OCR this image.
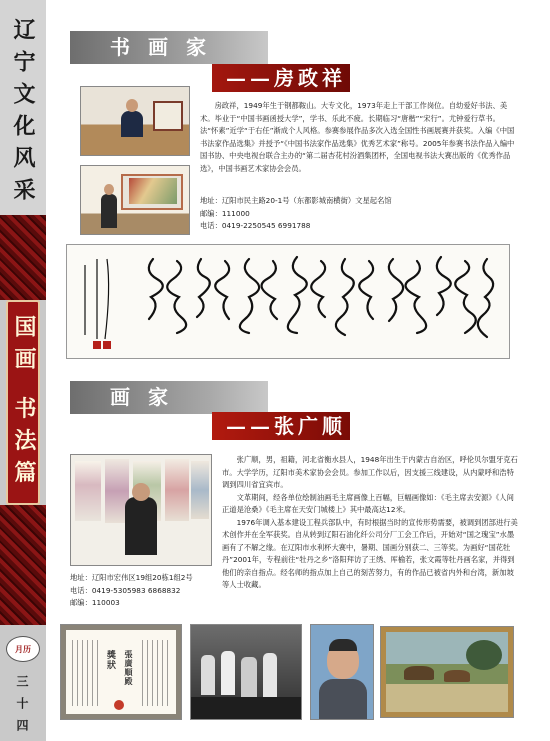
辽宁文化风采
国画 书法篇
月历
三十四
书画家
——房政祥

房政祥，1949年生于钢都鞍山。大专文化，1973年走上干部工作岗位。自幼爱好书法、美术。毕业于“中国书画函授大学”，学书、乐此不疲。长期临习“唐楷”“宋行”。尤钟爱行草书。法“怀素”近学“于右任”渐成个人风格。参赛参展作品多次入选全国性书画展赛并获奖。入编《中国书法家作品选集》并授予“《中国书法家作品选集》优秀艺术家”称号。2005年参赛书法作品入编中国书协、中央电视台联合主办的“第二届杏花村汾酒集团杯，全国电视书法大赛出版的《优秀作品选》，中国书画艺术家协会会员。

地址：辽阳市民主路20-1号（东都影城南横街）文星起名馆
邮编：111000
电话：0419-2250545 6991788
画家
——张广顺

张广顺，男，祖籍，河北省衡水县人，1948年出生于内蒙古自治区，呼伦贝尔盟牙克石市。大学学历，辽阳市美术家协会会员。参加工作以后，因支援三线建设，从内蒙呼和浩特调到四川省宜宾市。

文革期间，经各单位绘制油画毛主席画像上百幅，巨幅画像如：《毛主席去安源》《人间正道是沧桑》《毛主席在天安门城楼上》其中最高达12米。

1976年调入基本建设工程兵部队中，有时根据当时的宣传形势需要，被调到团部进行美术创作并在全军获奖。自从转到辽阳石油化纤公司分厂工会工作后，开始对“国之瑰宝”水墨画有了不解之缘。在辽阳市水利杯大赛中，暑期、国画分别获二、三等奖。为画好“国花牡丹”2001年，专程前往“牡丹之乡”洛阳拜访了王绣、厍榆若，张文霞等牡丹画名家，并得到他们的亲自指点。经名师的指点加上自己的刻苦努力，有的作品已被省内外和台湾，新加坡等人士收藏。

地址：辽阳市宏伟区19组20栋1组2号
电话：0419-5305983 6868832
邮编：110003
獎狀 張廣順殿
